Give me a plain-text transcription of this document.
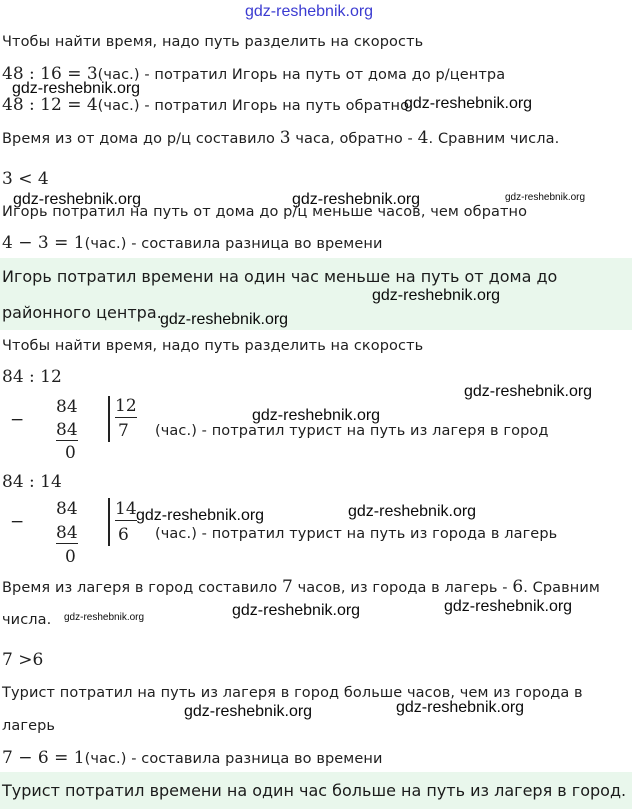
gdz-reshebnik.org
Чтобы найти время, надо путь разделить на скорость
48 : 16 = 3(час.) - потратил Игорь на путь от дома до р/центра
gdz-reshebnik.org
48 : 12 = 4(час.) - потратил Игорь на путь обратно
gdz-reshebnik.org
Время из от дома до р/ц составило 3 часа, обратно - 4. Сравним числа.
3 < 4
gdz-reshebnik.org	gdz-reshebnik.org	gdz-reshebnik.org
Игорь потратил на путь от дома до р/ц меньше часов, чем обратно
4 − 3 = 1(час.) - составила разница во времени
Игорь потратил времени на один час меньше на путь от дома до
районного центра.
gdz-reshebnik.org
gdz-reshebnik.org
Чтобы найти время, надо путь разделить на скорость
84 : 12
gdz-reshebnik.org
−
84
84
0
12
7
gdz-reshebnik.org
(час.) - потратил турист на путь из лагеря в город
84 : 14
−
84
84
0
14
6
gdz-reshebnik.org	gdz-reshebnik.org
(час.) - потратил турист на путь из города в лагерь
Время из лагеря в город составило 7 часов, из города в лагерь - 6. Сравним
gdz-reshebnik.org
gdz-reshebnik.org
gdz-reshebnik.org
числа.
7 >6
Турист потратил на путь из лагеря в город больше часов, чем из города в
gdz-reshebnik.org
gdz-reshebnik.org
лагерь
7 − 6 = 1(час.) - составила разница во времени
Турист потратил времени на один час больше на путь из лагеря в город.
